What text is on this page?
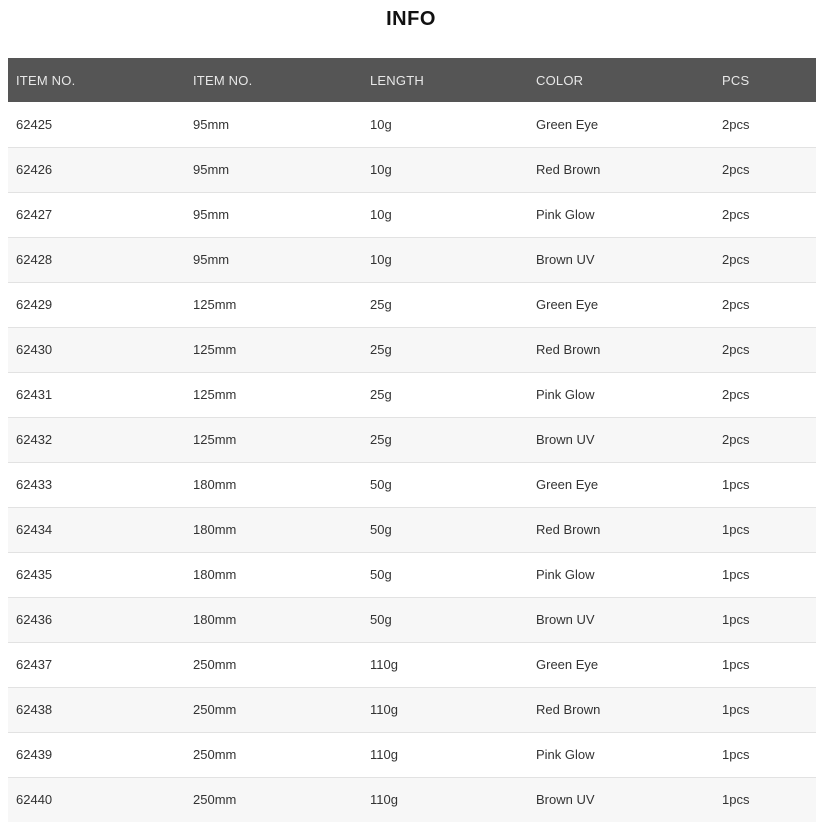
INFO
ITEM NO.	ITEM NO.	LENGTH	COLOR	PCS
62425	95mm	10g	Green Eye	2pcs
62426	95mm	10g	Red Brown	2pcs
62427	95mm	10g	Pink Glow	2pcs
62428	95mm	10g	Brown UV	2pcs
62429	125mm	25g	Green Eye	2pcs
62430	125mm	25g	Red Brown	2pcs
62431	125mm	25g	Pink Glow	2pcs
62432	125mm	25g	Brown UV	2pcs
62433	180mm	50g	Green Eye	1pcs
62434	180mm	50g	Red Brown	1pcs
62435	180mm	50g	Pink Glow	1pcs
62436	180mm	50g	Brown UV	1pcs
62437	250mm	110g	Green Eye	1pcs
62438	250mm	110g	Red Brown	1pcs
62439	250mm	110g	Pink Glow	1pcs
62440	250mm	110g	Brown UV	1pcs
